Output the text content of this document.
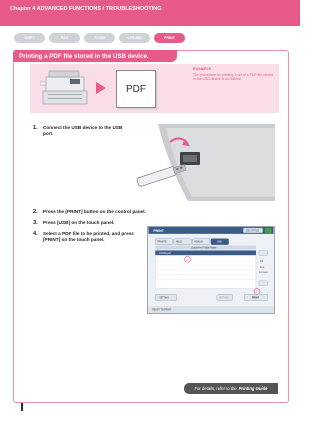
Chapter 4 ADVANCED FUNCTIONS / TROUBLESHOOTING
COPY	FAX	SCAN	e-FILING	PRINT
Printing a PDF file stored in the USB device.
PDF
EXAMPLE
The procedure for printing 1 set of a PDF file stored in the USB device is as follows.
1. Connect the USB device to the USB port.
2. Press the [PRINT] button on the control panel.
3. Press [USB] on the touch panel.
4. Select a PDF file to be printed, and press [PRINT] on the touch panel.
PRINT	JOB STATUS
PRIVATE	HOLD	INVALID	USB
Document / Folder Name
PCP00.pdf
1/1
FILE
FOLDER
1
2
SETTING	SETTING	PRINT
READY TO PRINT
For details, refer to the Printing Guide
